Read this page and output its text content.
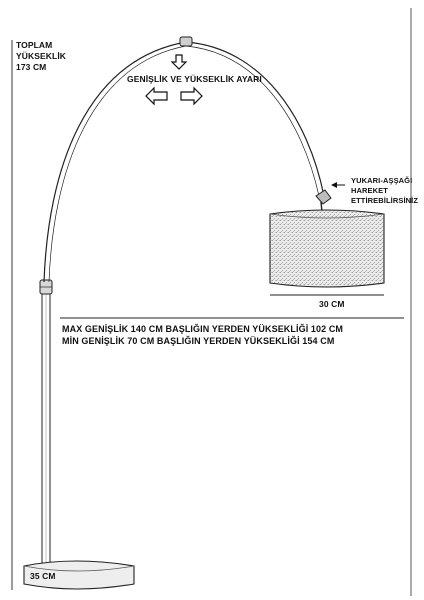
TOPLAM
YÜKSEKLİK
173 CM
GENİŞLİK VE YÜKSEKLİK AYARI
YUKARI-AŞŞAĞI
HAREKET
ETTİREBİLİRSİNİZ
30 CM
MAX GENİŞLİK 140 CM BAŞLIĞIN YERDEN YÜKSEKLİĞİ 102 CM
MİN GENİŞLİK 70 CM BAŞLIĞIN YERDEN YÜKSEKLİĞİ 154 CM
35 CM
